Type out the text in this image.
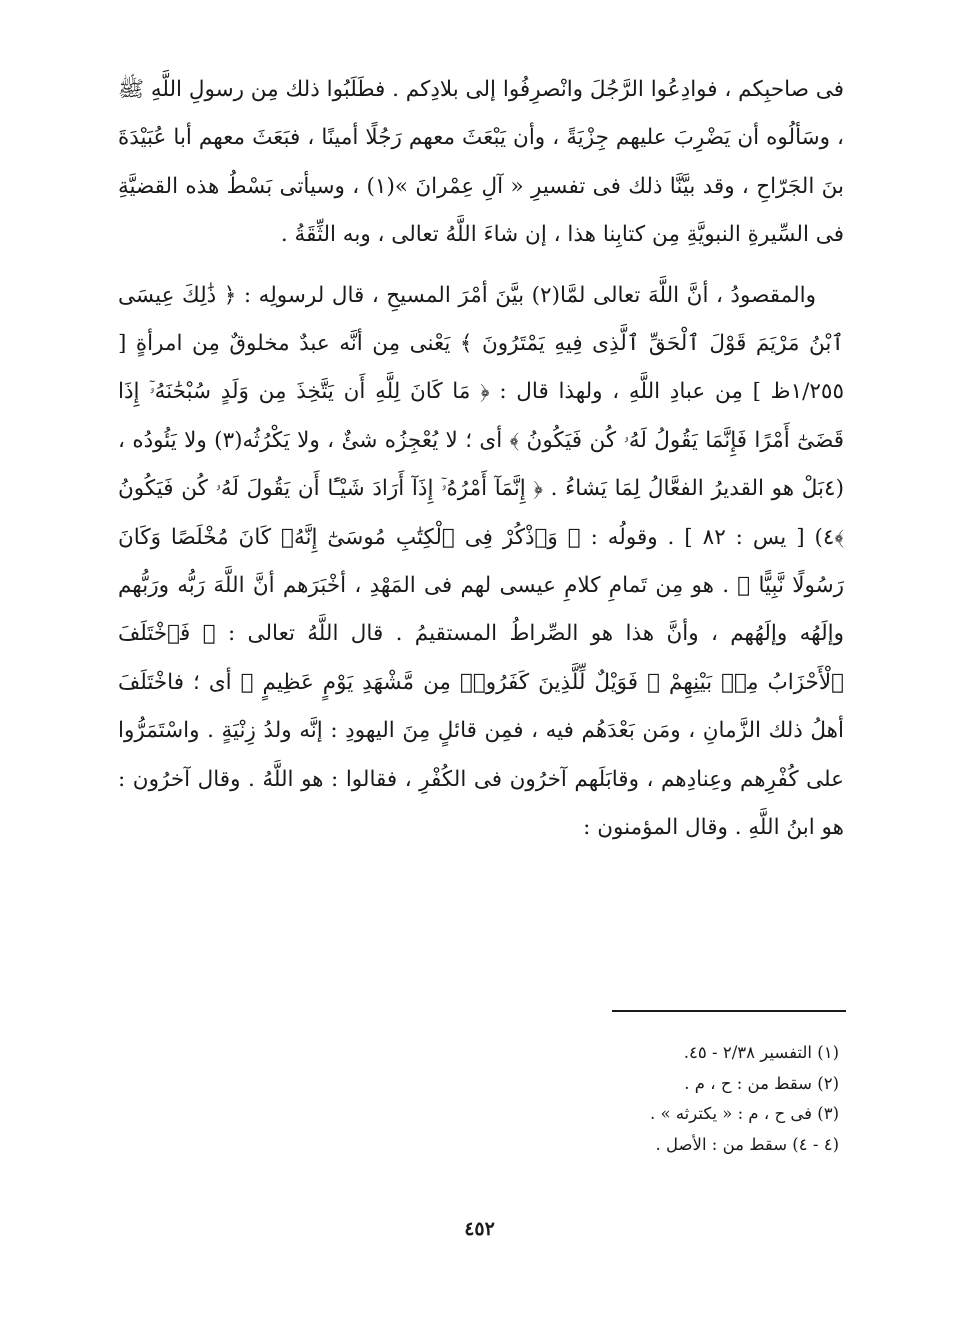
فى صاحبِكم ، فوادِعُوا الرَّجُلَ وانْصرِفُوا إلى بلادِكم . فطَلَبُوا ذلك مِن رسولِ اللَّهِ ﷺ ، وسَألُوه أن يَضْرِبَ عليهم جِزْيَةً ، وأن يَبْعَثَ معهم رَجُلًا أمينًا ، فبَعَثَ معهم أبا عُبَيْدَةَ بنَ الجَرّاحِ ، وقد بيَّنَّا ذلك فى تفسيرِ « آلِ عِمْرانَ »(١) ، وسيأتى بَسْطُ هذه القضيَّةِ فى السِّيرةِ النبويَّةِ مِن كتابِنا هذا ، إن شاءَ اللَّهُ تعالى ، وبه الثِّقَةُ .

والمقصودُ ، أنَّ اللَّهَ تعالى لمَّا(٢) بيَّنَ أمْرَ المسيحِ ، قال لرسولِه : ﴿ ذَٰلِكَ عِيسَى ٱبْنُ مَرْيَمَ قَوْلَ ٱلْحَقِّ ٱلَّذِى فِيهِ يَمْتَرُونَ ﴾ يَعْنى مِن أنَّه عبدٌ مخلوقٌ مِن امرأةٍ [ ١/٢٥٥ظ ] مِن عبادِ اللَّهِ ، ولهذا قال : ﴿ مَا كَانَ لِلَّهِ أَن يَتَّخِذَ مِن وَلَدٍ سُبْحَٰنَهُۥٓ إِذَا قَضَىٰٓ أَمْرًا فَإِنَّمَا يَقُولُ لَهُۥ كُن فَيَكُونُ ﴾ أى ؛ لا يُعْجِزُه شئٌ ، ولا يَكْرُثُه(٣) ولا يَئُودُه ، (٤بَلْ هو القديرُ الفعَّالُ لِمَا يَشاءُ . ﴿ إِنَّمَآ أَمْرُهُۥٓ إِذَآ أَرَادَ شَيْـًٔا أَن يَقُولَ لَهُۥ كُن فَيَكُونُ ﴾٤) [ يس : ٨٢ ] . وقولُه : ﴿ وَٱذْكُرْ فِى ٱلْكِتَٰبِ مُوسَىٰٓ إِنَّهُۥ كَانَ مُخْلَصًا وَكَانَ رَسُولًا نَّبِيًّا ﴾ . هو مِن تَمامِ كلامِ عيسى لهم فى المَهْدِ ، أخْبَرَهم أنَّ اللَّهَ رَبُّه ورَبُّهم وإلَهُه وإلَهُهم ، وأنَّ هذا هو الصِّراطُ المستقيمُ . قال اللَّهُ تعالى : ﴿ فَٱخْتَلَفَ ٱلْأَحْزَابُ مِنۢ بَيْنِهِمْ ۖ فَوَيْلٌ لِّلَّذِينَ كَفَرُوا۟ مِن مَّشْهَدِ يَوْمٍ عَظِيمٍ ﴾ أى ؛ فاخْتَلَفَ أهلُ ذلك الزَّمانِ ، ومَن بَعْدَهُم فيه ، فمِن قائلٍ مِنَ اليهودِ : إنَّه ولدُ زِنْيَةٍ . واسْتَمَرُّوا على كُفْرِهم وعِنادِهم ، وقابَلَهم آخرُون فى الكُفْرِ ، فقالوا : هو اللَّهُ . وقال آخرُون : هو ابنُ اللَّهِ . وقال المؤمنون :

(١) التفسير ٢/٣٨ - ٤٥.
(٢) سقط من : ح ، م .
(٣) فى ح ، م : « يكترثه » .
(٤ - ٤) سقط من : الأصل .
٤٥٢
